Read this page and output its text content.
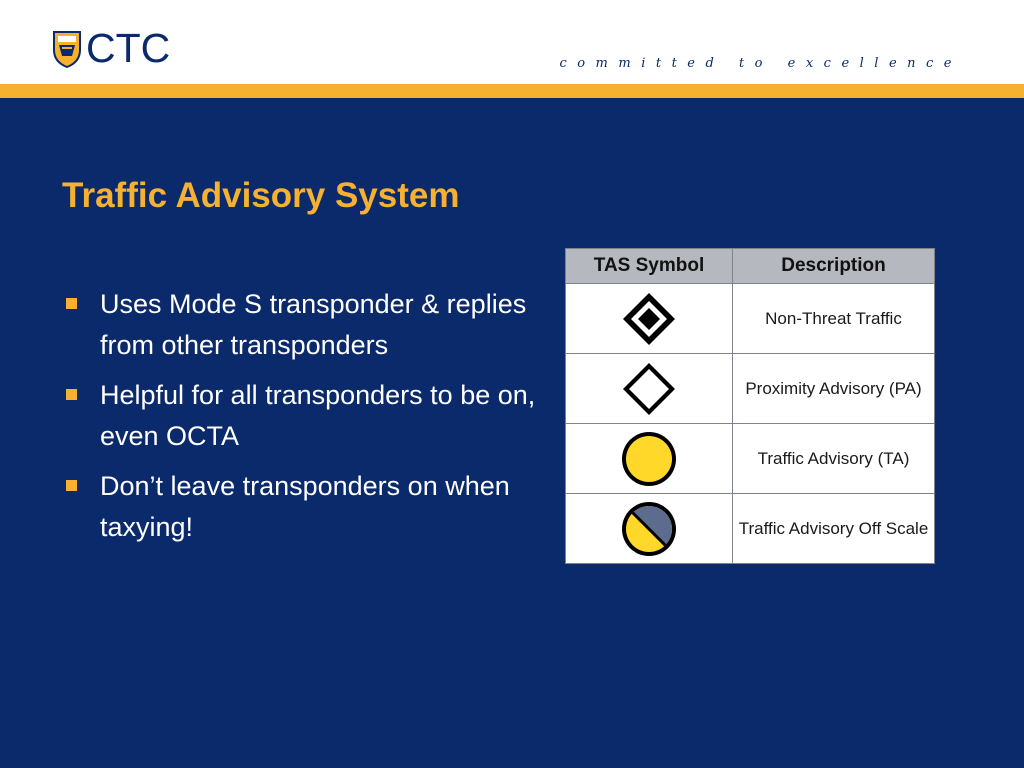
CTC	committed to excellence
Traffic Advisory System
Uses Mode S transponder & replies from other transponders
Helpful for all transponders to be on, even OCTA
Don’t leave transponders on when taxying!
TAS Symbol	Description

	Non-Threat Traffic

	Proximity Advisory (PA)

	Traffic Advisory (TA)

	Traffic Advisory Off Scale
